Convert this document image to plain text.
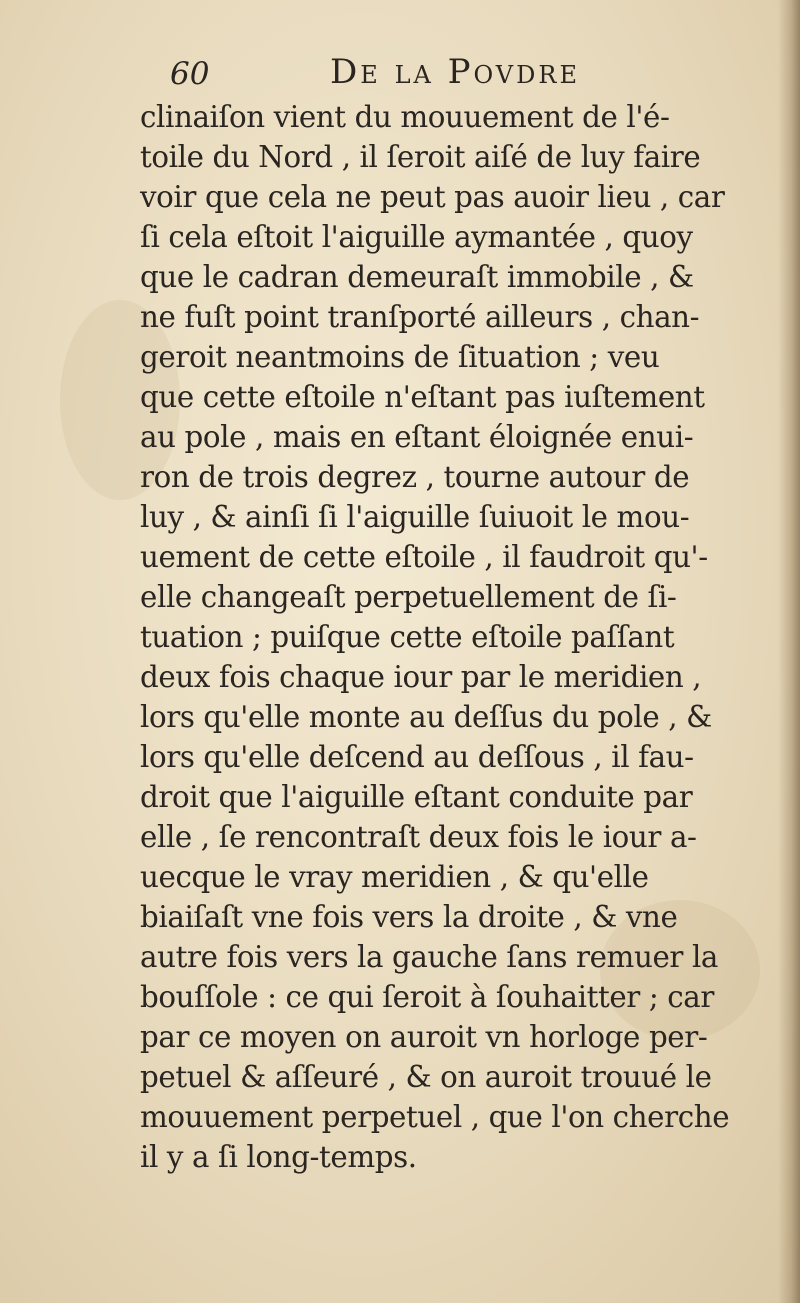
60	De la Povdre
clinaiſon vient du mouuement de l'é-
toile du Nord , il ſeroit aiſé de luy faire
voir que cela ne peut pas auoir lieu , car
ſi cela eſtoit l'aiguille aymantée , quoy
que le cadran demeuraſt immobile , &
ne fuſt point tranſporté ailleurs , chan-
geroit neantmoins de ſituation ; veu
que cette eſtoile n'eſtant pas iuſtement
au pole , mais en eſtant éloignée enui-
ron de trois degrez , tourne autour de
luy , & ainſi ſi l'aiguille ſuiuoit le mou-
uement de cette eſtoile , il faudroit qu'-
elle changeaſt perpetuellement de ſi-
tuation ; puiſque cette eſtoile paſſant
deux fois chaque iour par le meridien ,
lors qu'elle monte au deſſus du pole , &
lors qu'elle deſcend au deſſous , il fau-
droit que l'aiguille eſtant conduite par
elle , ſe rencontraſt deux fois le iour a-
uecque le vray meridien , & qu'elle
biaiſaſt vne fois vers la droite , & vne
autre fois vers la gauche ſans remuer la
bouſſole : ce qui ſeroit à ſouhaitter ; car
par ce moyen on auroit vn horloge per-
petuel & aſſeuré , & on auroit trouué le
mouuement perpetuel , que l'on cherche
il y a ſi long-temps.
